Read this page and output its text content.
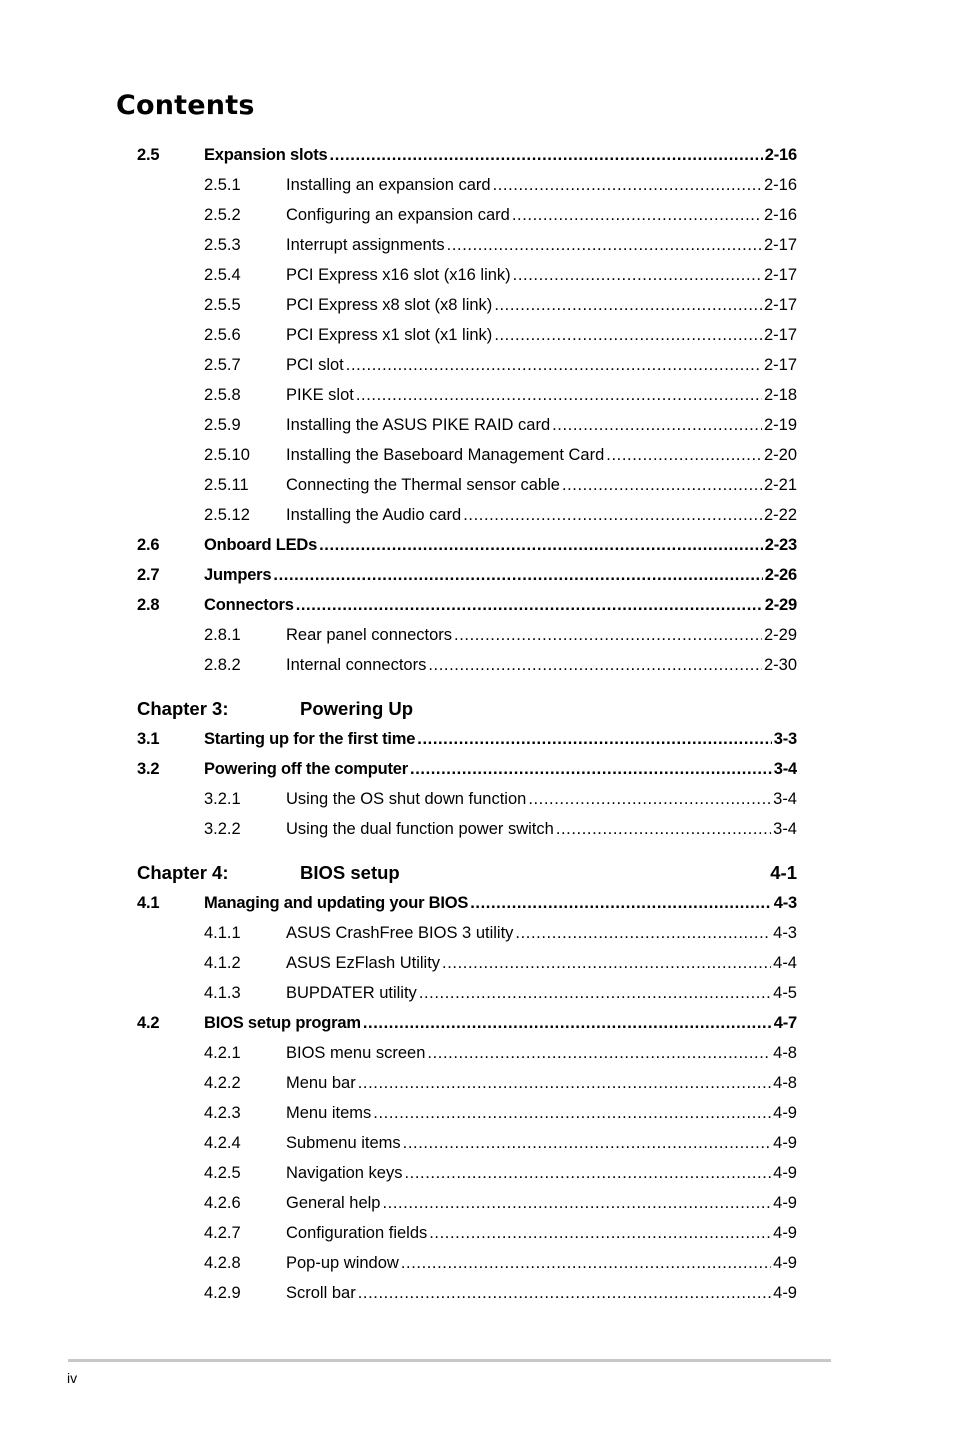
Contents
2.5	Expansion slots .....	2-16
2.5.1	Installing an expansion card .....	2-16
2.5.2	Configuring an expansion card .....	2-16
2.5.3	Interrupt assignments .....	2-17
2.5.4	PCI Express x16 slot (x16 link) .....	2-17
2.5.5	PCI Express x8 slot (x8 link) .....	2-17
2.5.6	PCI Express x1 slot (x1 link) .....	2-17
2.5.7	PCI slot .....	2-17
2.5.8	PIKE slot .....	2-18
2.5.9	Installing the ASUS PIKE RAID card .....	2-19
2.5.10 Installing the Baseboard Management Card .....	2-20
2.5.11 Connecting the Thermal sensor cable .....	2-21
2.5.12 Installing the Audio card .....	2-22
2.6	Onboard LEDs .....	2-23
2.7	Jumpers .....	2-26
2.8	Connectors .....	2-29
2.8.1	Rear panel connectors .....	2-29
2.8.2	Internal connectors .....	2-30
Chapter 3:	Powering Up
3.1	Starting up for the first time .....	3-3
3.2	Powering off the computer .....	3-4
3.2.1	Using the OS shut down function .....	3-4
3.2.2	Using the dual function power switch .....	3-4
Chapter 4:	BIOS setup	4-1
4.1	Managing and updating your BIOS .....	4-3
4.1.1	ASUS CrashFree BIOS 3 utility .....	4-3
4.1.2	ASUS EzFlash Utility .....	4-4
4.1.3	BUPDATER utility .....	4-5
4.2	BIOS setup program .....	4-7
4.2.1	BIOS menu screen .....	4-8
4.2.2	Menu bar .....	4-8
4.2.3	Menu items .....	4-9
4.2.4	Submenu items .....	4-9
4.2.5	Navigation keys .....	4-9
4.2.6	General help .....	4-9
4.2.7	Configuration fields .....	4-9
4.2.8	Pop-up window .....	4-9
4.2.9	Scroll bar .....	4-9
iv
